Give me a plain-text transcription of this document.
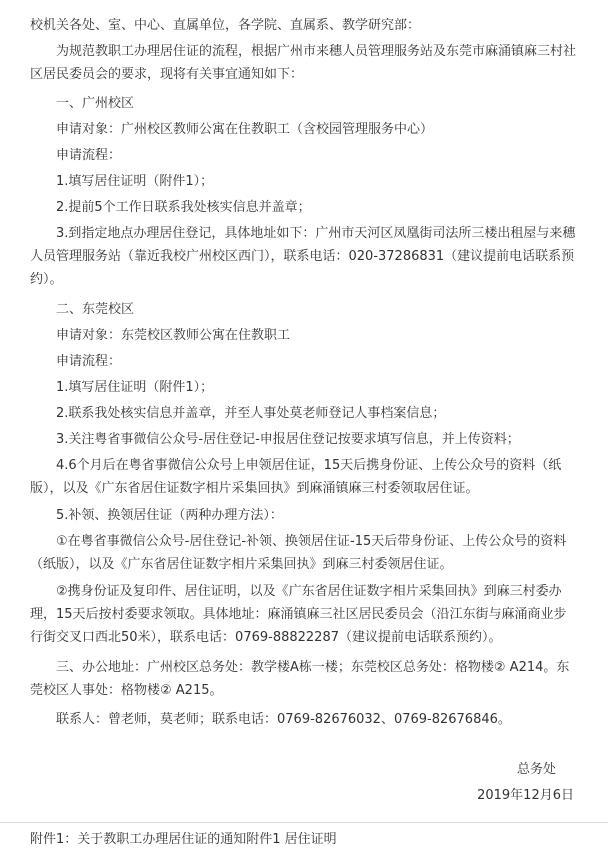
校机关各处、室、中心、直属单位，各学院、直属系、教学研究部：

为规范教职工办理居住证的流程，根据广州市来穗人员管理服务站及东莞市麻涌镇麻三村社区居民委员会的要求，现将有关事宜通知如下：

一、广州校区

申请对象：广州校区教师公寓在住教职工（含校园管理服务中心）

申请流程：

1.填写居住证明（附件1）；

2.提前5个工作日联系我处核实信息并盖章；

3.到指定地点办理居住登记，具体地址如下：广州市天河区凤凰街司法所三楼出租屋与来穗人员管理服务站（靠近我校广州校区西门），联系电话：020-37286831（建议提前电话联系预约）。

二、东莞校区

申请对象：东莞校区教师公寓在住教职工

申请流程：

1.填写居住证明（附件1）；

2.联系我处核实信息并盖章，并至人事处莫老师登记人事档案信息；

3.关注粤省事微信公众号-居住登记-申报居住登记按要求填写信息，并上传资料；

4.6个月后在粤省事微信公众号上申领居住证，15天后携身份证、上传公众号的资料（纸版），以及《广东省居住证数字相片采集回执》到麻涌镇麻三村委领取居住证。

5.补领、换领居住证（两种办理方法）：

①在粤省事微信公众号-居住登记-补领、换领居住证-15天后带身份证、上传公众号的资料（纸版），以及《广东省居住证数字相片采集回执》到麻三村委领居住证。

②携身份证及复印件、居住证明，以及《广东省居住证数字相片采集回执》到麻三村委办理，15天后按村委要求领取。具体地址：麻涌镇麻三社区居民委员会（沿江东街与麻涌商业步行街交叉口西北50米），联系电话：0769-88822287（建议提前电话联系预约）。

三、办公地址：广州校区总务处：教学楼A栋一楼；东莞校区总务处：格物楼② A214。东莞校区人事处：格物楼② A215。

联系人：曾老师，莫老师；联系电话：0769-82676032、0769-82676846。

总务处
2019年12月6日
附件1：关于教职工办理居住证的通知附件1 居住证明
